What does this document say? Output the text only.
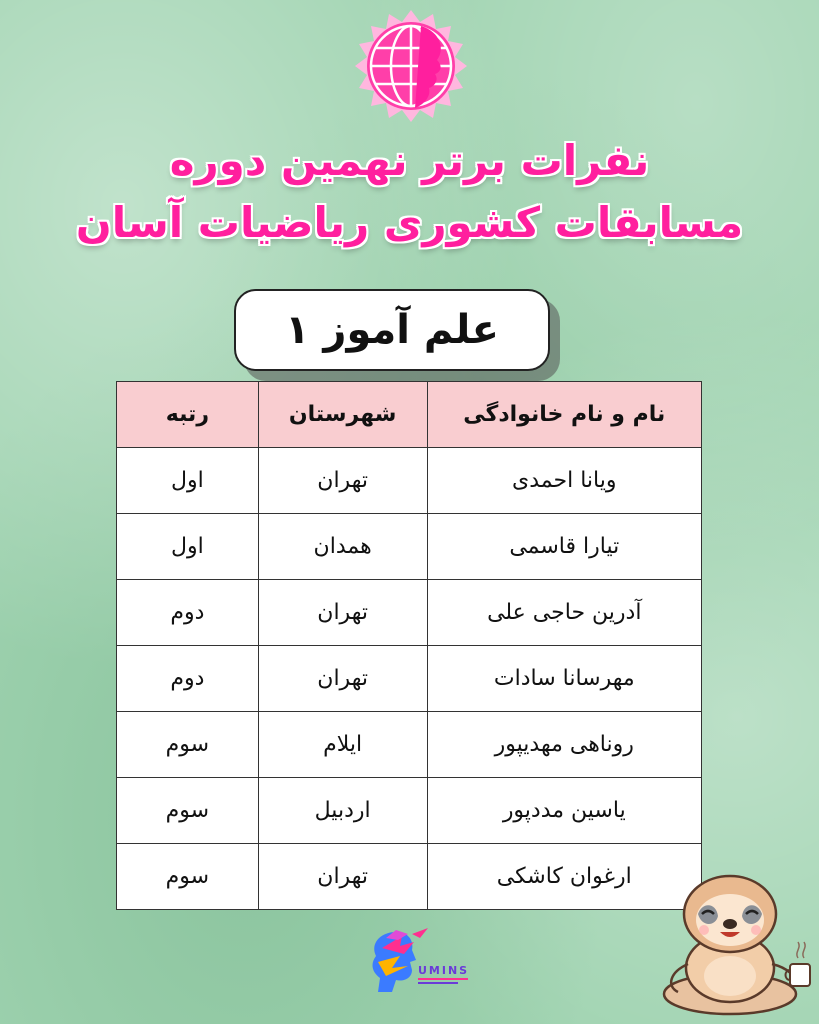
نفرات برتر نهمین دوره
مسابقات کشوری ریاضیات آسان
علم آموز ۱
نام و نام خانوادگی	شهرستان	رتبه
ویانا احمدی	تهران	اول
تیارا قاسمی	همدان	اول
آدرین حاجی علی	تهران	دوم
مهرسانا سادات	تهران	دوم
روناهی مهدیپور	ایلام	سوم
یاسین مددپور	اردبیل	سوم
ارغوان کاشکی	تهران	سوم
UMINS
